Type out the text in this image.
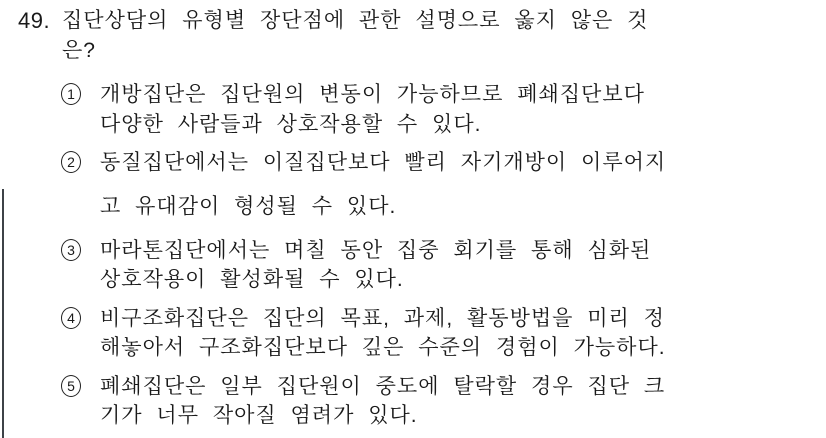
49. 집단상담의 유형별 장단점에 관한 설명으로 옳지 않은 것
은?
1 개방집단은 집단원의 변동이 가능하므로 폐쇄집단보다
다양한 사람들과 상호작용할 수 있다.
2 동질집단에서는 이질집단보다 빨리 자기개방이 이루어지
고 유대감이 형성될 수 있다.
3 마라톤집단에서는 며칠 동안 집중 회기를 통해 심화된
상호작용이 활성화될 수 있다.
4 비구조화집단은 집단의 목표, 과제, 활동방법을 미리 정
해놓아서 구조화집단보다 깊은 수준의 경험이 가능하다.
5 폐쇄집단은 일부 집단원이 중도에 탈락할 경우 집단 크
기가 너무 작아질 염려가 있다.
